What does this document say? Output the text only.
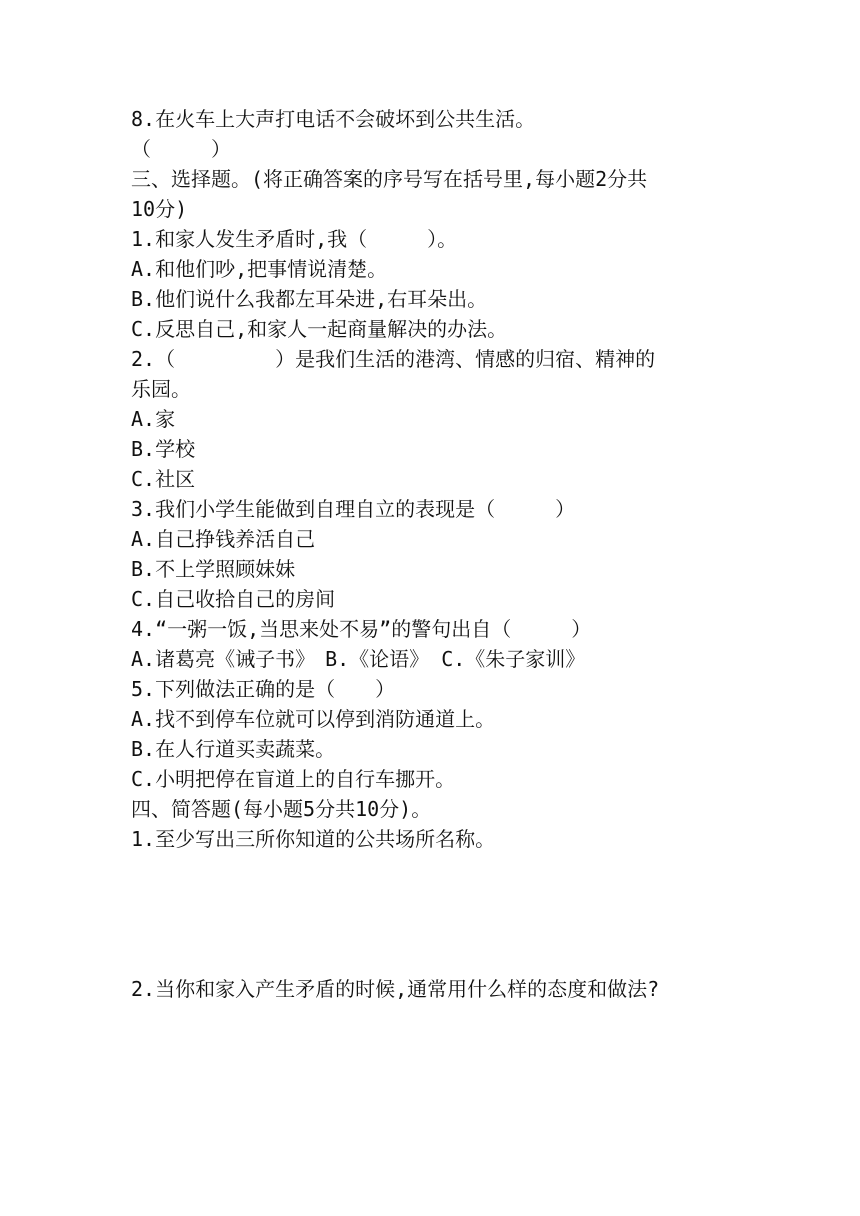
8.在火车上大声打电话不会破坏到公共生活。
（　　　）
三、选择题。(将正确答案的序号写在括号里,每小题2分共
10分)
1.和家人发生矛盾时,我（　　　）。
A.和他们吵,把事情说清楚。
B.他们说什么我都左耳朵进,右耳朵出。
C.反思自己,和家人一起商量解决的办法。
2.（　　　　　）是我们生活的港湾、情感的归宿、精神的
乐园。
A.家
B.学校
C.社区
3.我们小学生能做到自理自立的表现是（　　　）
A.自己挣钱养活自己
B.不上学照顾妹妹
C.自己收拾自己的房间
4.“一粥一饭,当思来处不易”的警句出自（　　　）
A.诸葛亮《诫子书》　B.《论语》 C.《朱子家训》
5.下列做法正确的是（　　）
A.找不到停车位就可以停到消防通道上。
B.在人行道买卖蔬菜。
C.小明把停在盲道上的自行车挪开。
四、简答题(每小题5分共10分)。
1.至少写出三所你知道的公共场所名称。
2.当你和家入产生矛盾的时候,通常用什么样的态度和做法?
